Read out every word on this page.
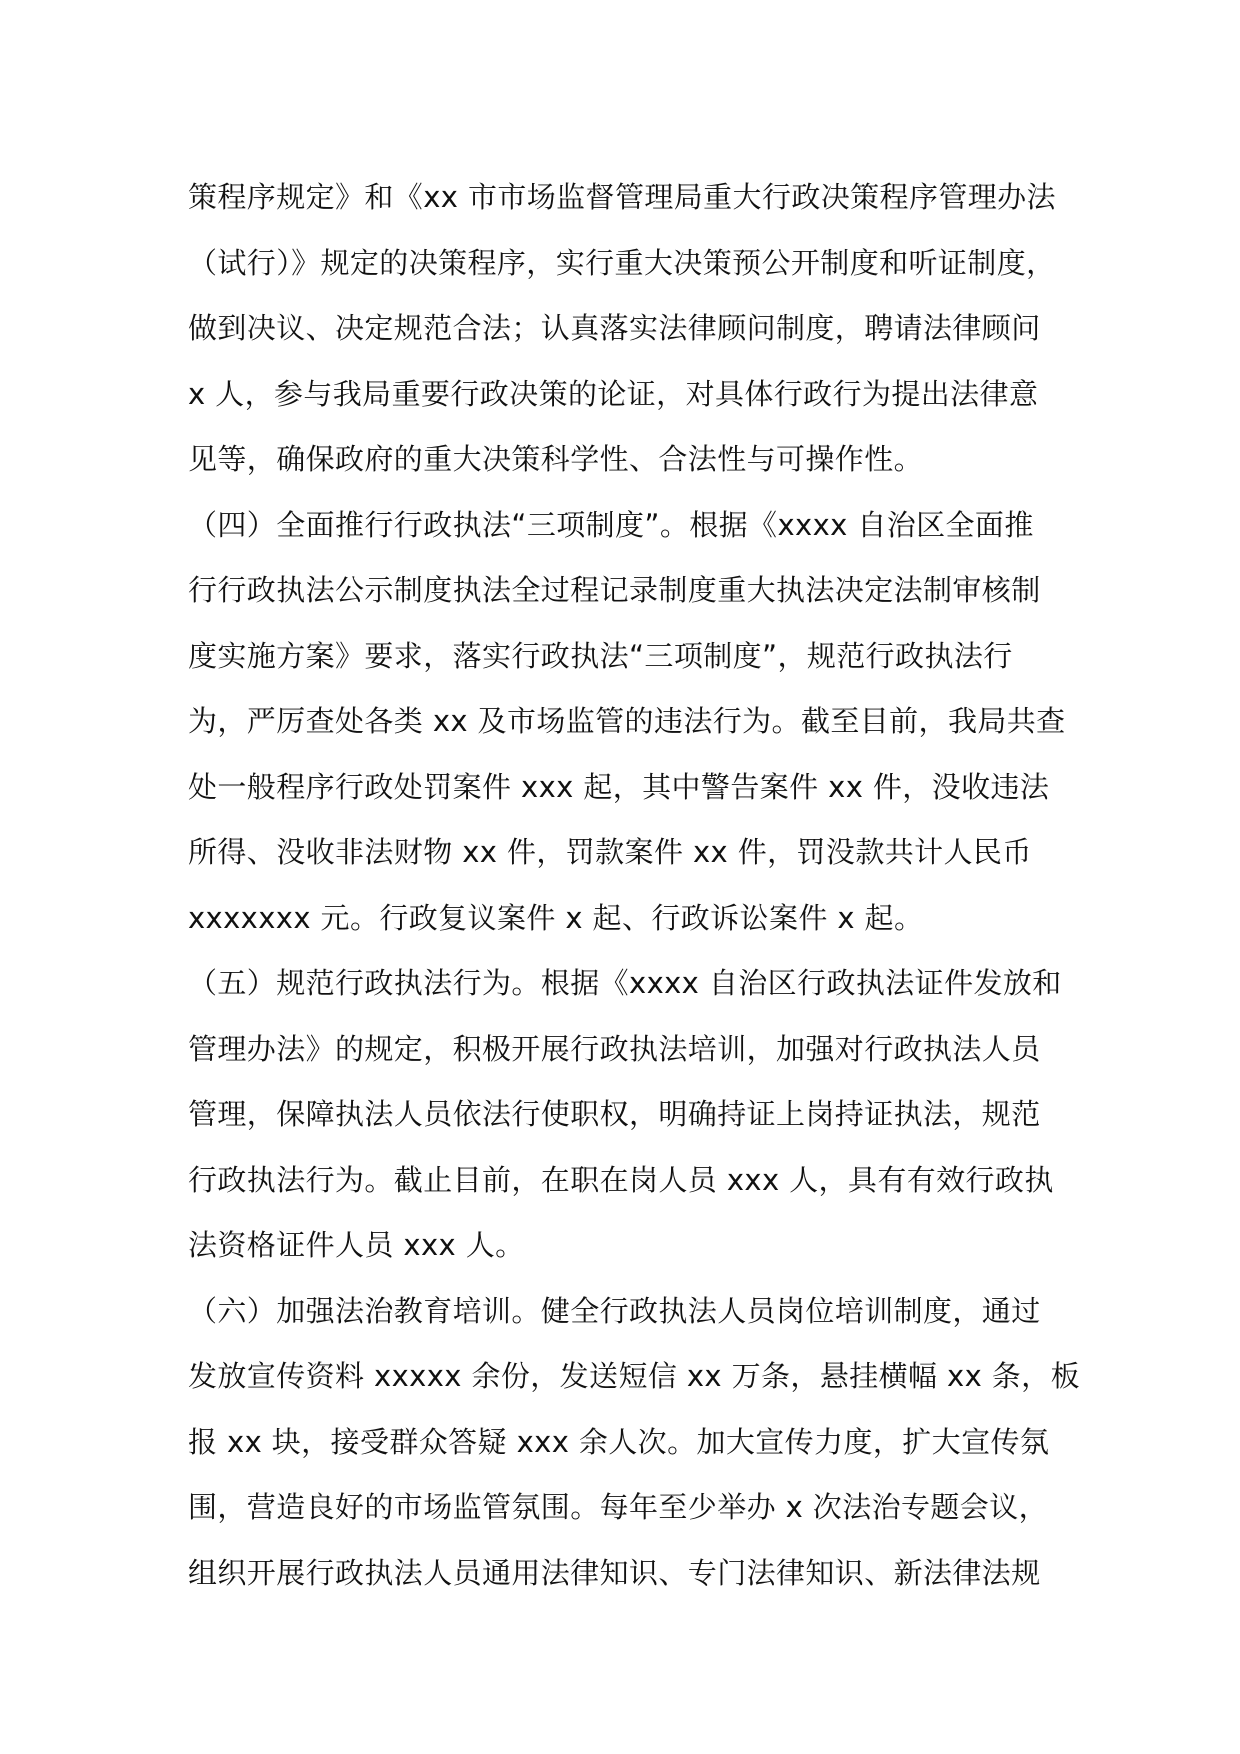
策程序规定》和《xx 市市场监督管理局重大行政决策程序管理办法
（试行）》规定的决策程序，实行重大决策预公开制度和听证制度，
做到决议、决定规范合法；认真落实法律顾问制度，聘请法律顾问
x 人，参与我局重要行政决策的论证，对具体行政行为提出法律意
见等，确保政府的重大决策科学性、合法性与可操作性。
（四）全面推行行政执法“三项制度”。根据《xxxx 自治区全面推
行行政执法公示制度执法全过程记录制度重大执法决定法制审核制
度实施方案》要求，落实行政执法“三项制度”，规范行政执法行
为，严厉查处各类 xx 及市场监管的违法行为。截至目前，我局共查
处一般程序行政处罚案件 xxx 起，其中警告案件 xx 件，没收违法
所得、没收非法财物 xx 件，罚款案件 xx 件，罚没款共计人民币
xxxxxxx 元。行政复议案件 x 起、行政诉讼案件 x 起。
（五）规范行政执法行为。根据《xxxx 自治区行政执法证件发放和
管理办法》的规定，积极开展行政执法培训，加强对行政执法人员
管理，保障执法人员依法行使职权，明确持证上岗持证执法，规范
行政执法行为。截止目前，在职在岗人员 xxx 人，具有有效行政执
法资格证件人员 xxx 人。
（六）加强法治教育培训。健全行政执法人员岗位培训制度，通过
发放宣传资料 xxxxx 余份，发送短信 xx 万条，悬挂横幅 xx 条，板
报 xx 块，接受群众答疑 xxx 余人次。加大宣传力度，扩大宣传氛
围，营造良好的市场监管氛围。每年至少举办 x 次法治专题会议，
组织开展行政执法人员通用法律知识、专门法律知识、新法律法规
